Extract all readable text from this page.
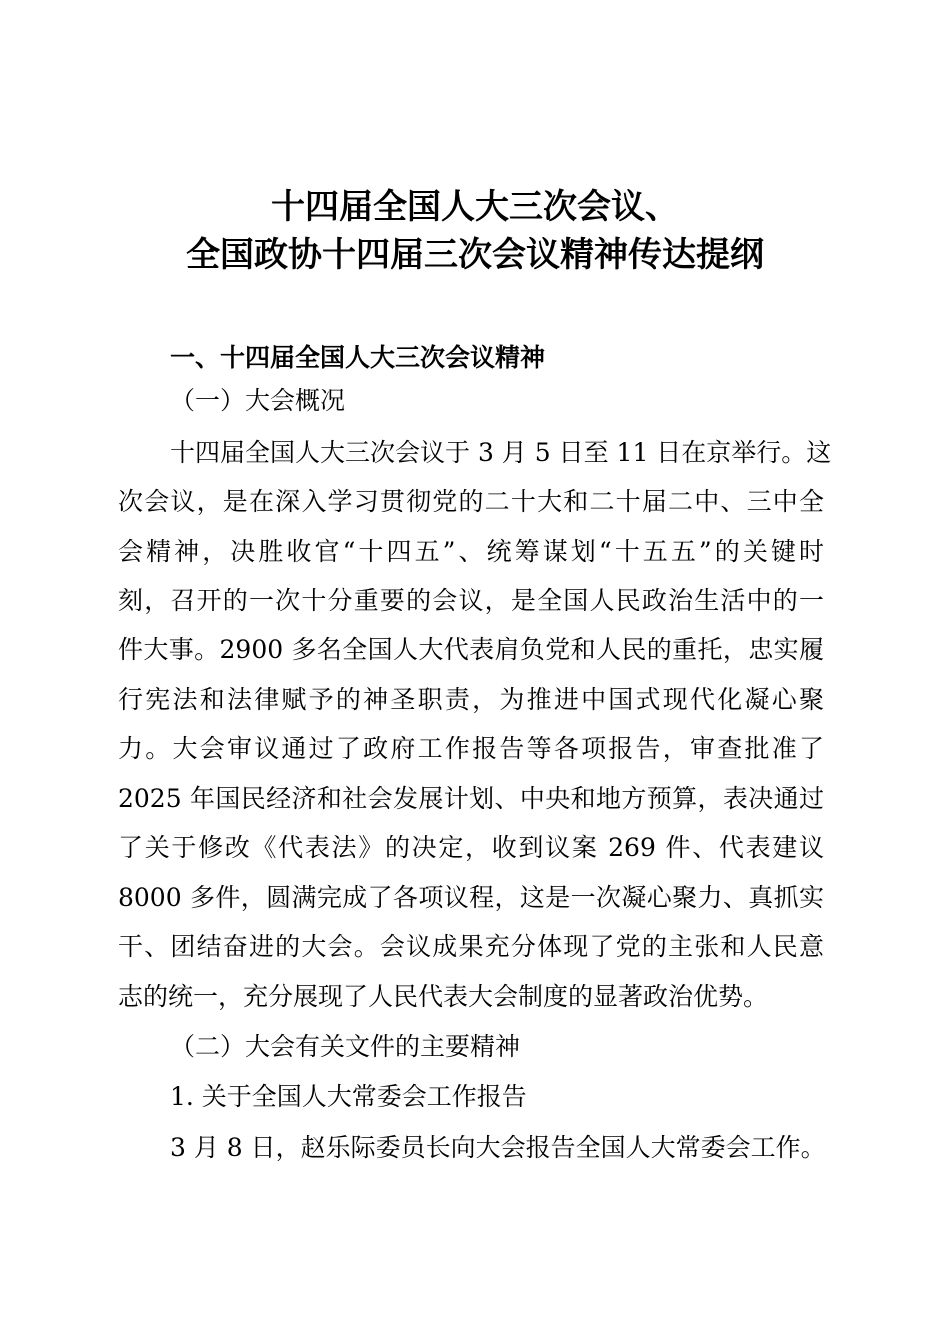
十四届全国人大三次会议、
全国政协十四届三次会议精神传达提纲
一、十四届全国人大三次会议精神
（一）大会概况
十四届全国人大三次会议于 3 月 5 日至 11 日在京举行。这
次会议，是在深入学习贯彻党的二十大和二十届二中、三中全
会精神，决胜收官“十四五”、统筹谋划“十五五”的关键时
刻，召开的一次十分重要的会议，是全国人民政治生活中的一
件大事。2900 多名全国人大代表肩负党和人民的重托，忠实履
行宪法和法律赋予的神圣职责，为推进中国式现代化凝心聚
力。大会审议通过了政府工作报告等各项报告，审查批准了
2025 年国民经济和社会发展计划、中央和地方预算，表决通过
了关于修改《代表法》的决定，收到议案 269 件、代表建议
8000 多件，圆满完成了各项议程，这是一次凝心聚力、真抓实
干、团结奋进的大会。会议成果充分体现了党的主张和人民意
志的统一，充分展现了人民代表大会制度的显著政治优势。
（二）大会有关文件的主要精神
1. 关于全国人大常委会工作报告
3 月 8 日，赵乐际委员长向大会报告全国人大常委会工作。
